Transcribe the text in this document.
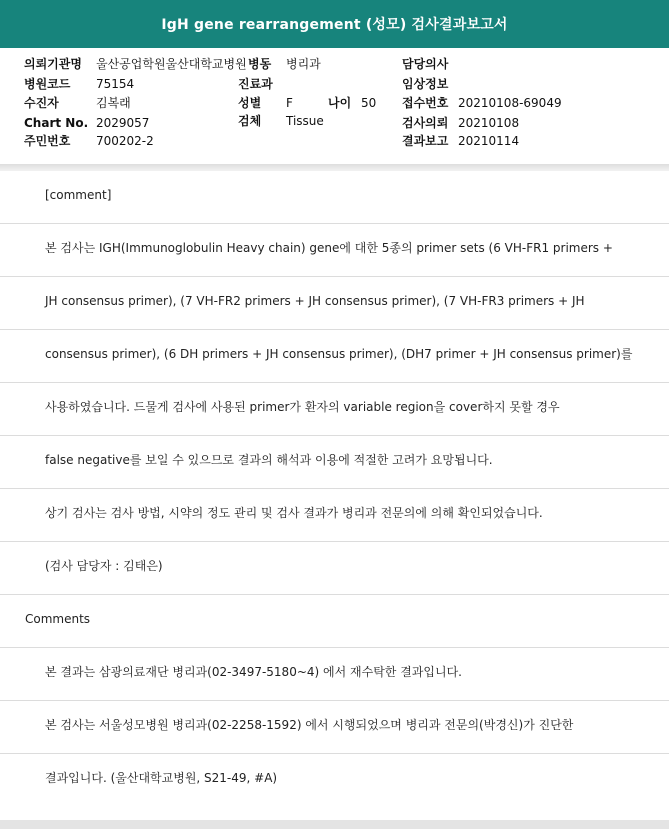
IgH gene rearrangement (성모) 검사결과보고서
의뢰기관명 울산공업학원울산대학교병원 병동 병리과	담당의사
병원코드 75154	진료과	임상정보
수진자	김복래	성별 F	나이 50 접수번호 20210108-69049
Chart No. 2029057	검체 Tissue	검사의뢰 20210108
주민번호 700202-2	결과보고 20210114
[comment]
본 검사는 IGH(Immunoglobulin Heavy chain) gene에 대한 5종의 primer sets (6 VH-FR1 primers +
JH consensus primer), (7 VH-FR2 primers + JH consensus primer), (7 VH-FR3 primers + JH
consensus primer), (6 DH primers + JH consensus primer), (DH7 primer + JH consensus primer)를
사용하였습니다. 드물게 검사에 사용된 primer가 환자의 variable region을 cover하지 못할 경우
false negative를 보일 수 있으므로 결과의 해석과 이용에 적절한 고려가 요망됩니다.
상기 검사는 검사 방법, 시약의 정도 관리 및 검사 결과가 병리과 전문의에 의해 확인되었습니다.
(검사 담당자 : 김태은)
Comments
본 결과는 삼광의료재단 병리과(02-3497-5180~4) 에서 재수탁한 결과입니다.
본 검사는 서울성모병원 병리과(02-2258-1592) 에서 시행되었으며 병리과 전문의(박경신)가 진단한
결과입니다. (울산대학교병원, S21-49, #A)
